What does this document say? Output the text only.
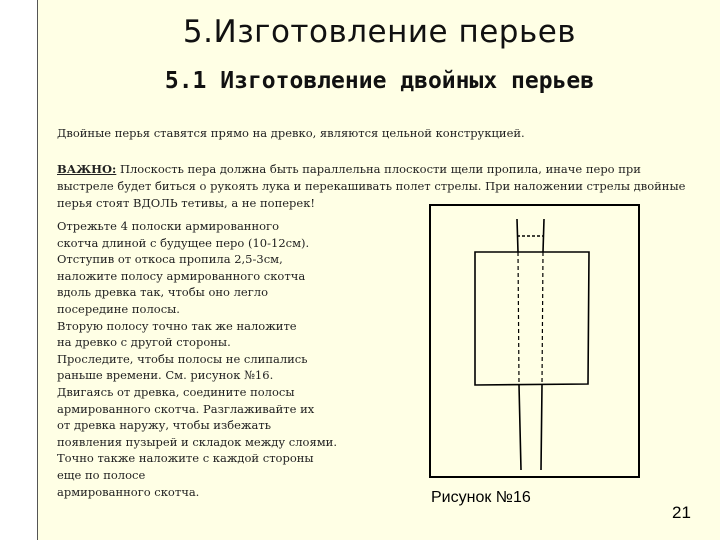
5.Изготовление перьев
5.1 Изготовление двойных перьев
Двойные перья ставятся прямо на древко, являются цельной конструкцией.
ВАЖНО: Плоскость пера должна быть параллельна плоскости щели пропила, иначе перо при выстреле будет биться о рукоять лука и перекашивать полет стрелы. При наложении стрелы двойные перья стоят ВДОЛЬ тетивы, а не поперек!
Отрежьте 4 полоски армированного
скотча длиной с будущее перо (10-12см).
Отступив от откоса пропила 2,5-3см,
наложите полосу армированного скотча
вдоль древка так, чтобы оно легло
посередине полосы.
Вторую полосу точно так же наложите
на древко с другой стороны.
Проследите, чтобы полосы не слипались
раньше времени. См. рисунок №16.
Двигаясь от древка, соедините полосы
армированного скотча. Разглаживайте их
от древка наружу, чтобы избежать
появления пузырей и складок между слоями.
Точно также наложите с каждой стороны
еще по полосе
армированного скотча.	Рисунок №16
21
